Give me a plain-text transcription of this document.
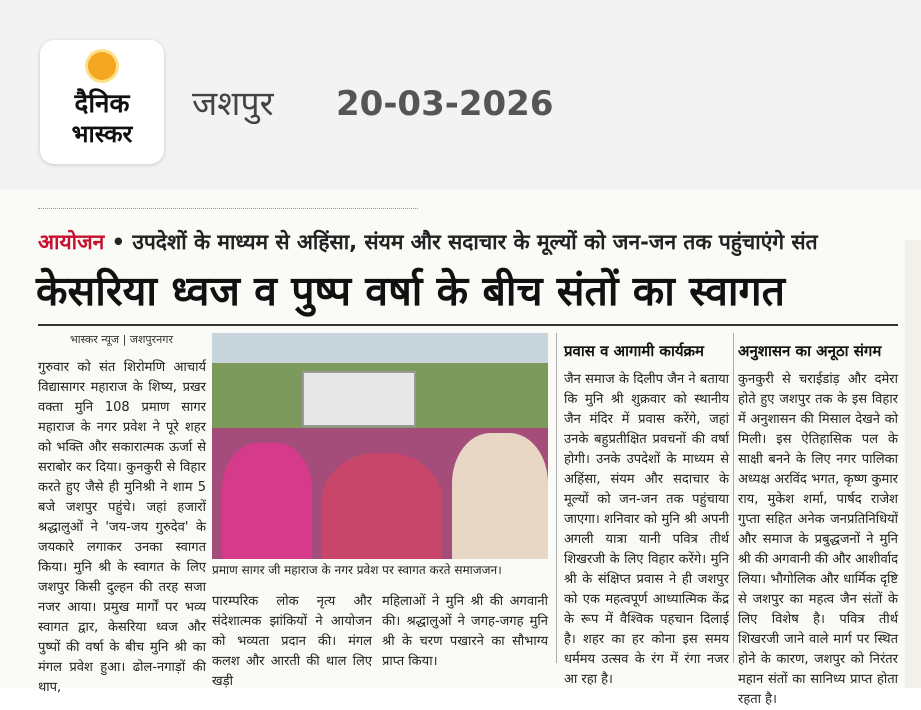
दैनिक
भास्कर
जशपुर 20-03-2026
आयोजन • उपदेशों के माध्यम से अहिंसा, संयम और सदाचार के मूल्यों को जन-जन तक पहुंचाएंगे संत
केसरिया ध्वज व पुष्प वर्षा के बीच संतों का स्वागत
भास्कर न्यूज | जशपुरनगर
गुरुवार को संत शिरोमणि आचार्य विद्यासागर महाराज के शिष्य, प्रखर वक्ता मुनि 108 प्रमाण सागर महाराज के नगर प्रवेश ने पूरे शहर को भक्ति और सकारात्मक ऊर्जा से सराबोर कर दिया। कुनकुरी से विहार करते हुए जैसे ही मुनिश्री ने शाम 5 बजे जशपुर पहुंचे। जहां हजारों श्रद्धालुओं ने 'जय-जय गुरुदेव' के जयकारे लगाकर उनका स्वागत किया। मुनि श्री के स्वागत के लिए जशपुर किसी दुल्हन की तरह सजा नजर आया। प्रमुख मार्गों पर भव्य स्वागत द्वार, केसरिया ध्वज और पुष्पों की वर्षा के बीच मुनि श्री का मंगल प्रवेश हुआ। ढोल-नगाड़ों की थाप,
प्रमाण सागर जी महाराज के नगर प्रवेश पर स्वागत करते समाजजन।
पारम्परिक लोक नृत्य और संदेशात्मक झांकियों ने आयोजन को भव्यता प्रदान की। मंगल कलश और आरती की थाल लिए खड़ी
महिलाओं ने मुनि श्री की अगवानी की। श्रद्धालुओं ने जगह-जगह मुनि श्री के चरण पखारने का सौभाग्य प्राप्त किया।
प्रवास व आगामी कार्यक्रम
जैन समाज के दिलीप जैन ने बताया कि मुनि श्री शुक्रवार को स्थानीय जैन मंदिर में प्रवास करेंगे, जहां उनके बहुप्रतीक्षित प्रवचनों की वर्षा होगी। उनके उपदेशों के माध्यम से अहिंसा, संयम और सदाचार के मूल्यों को जन-जन तक पहुंचाया जाएगा। शनिवार को मुनि श्री अपनी अगली यात्रा यानी पवित्र तीर्थ शिखरजी के लिए विहार करेंगे। मुनि श्री के संक्षिप्त प्रवास ने ही जशपुर को एक महत्वपूर्ण आध्यात्मिक केंद्र के रूप में वैश्विक पहचान दिलाई है। शहर का हर कोना इस समय धर्ममय उत्सव के रंग में रंगा नजर आ रहा है।
अनुशासन का अनूठा संगम
कुनकुरी से चराईडांड़ और दमेरा होते हुए जशपुर तक के इस विहार में अनुशासन की मिसाल देखने को मिली। इस ऐतिहासिक पल के साक्षी बनने के लिए नगर पालिका अध्यक्ष अरविंद भगत, कृष्ण कुमार राय, मुकेश शर्मा, पार्षद राजेश गुप्ता सहित अनेक जनप्रतिनिधियों और समाज के प्रबुद्धजनों ने मुनि श्री की अगवानी की और आशीर्वाद लिया। भौगोलिक और धार्मिक दृष्टि से जशपुर का महत्व जैन संतों के लिए विशेष है। पवित्र तीर्थ शिखरजी जाने वाले मार्ग पर स्थित होने के कारण, जशपुर को निरंतर महान संतों का सानिध्य प्राप्त होता रहता है।
